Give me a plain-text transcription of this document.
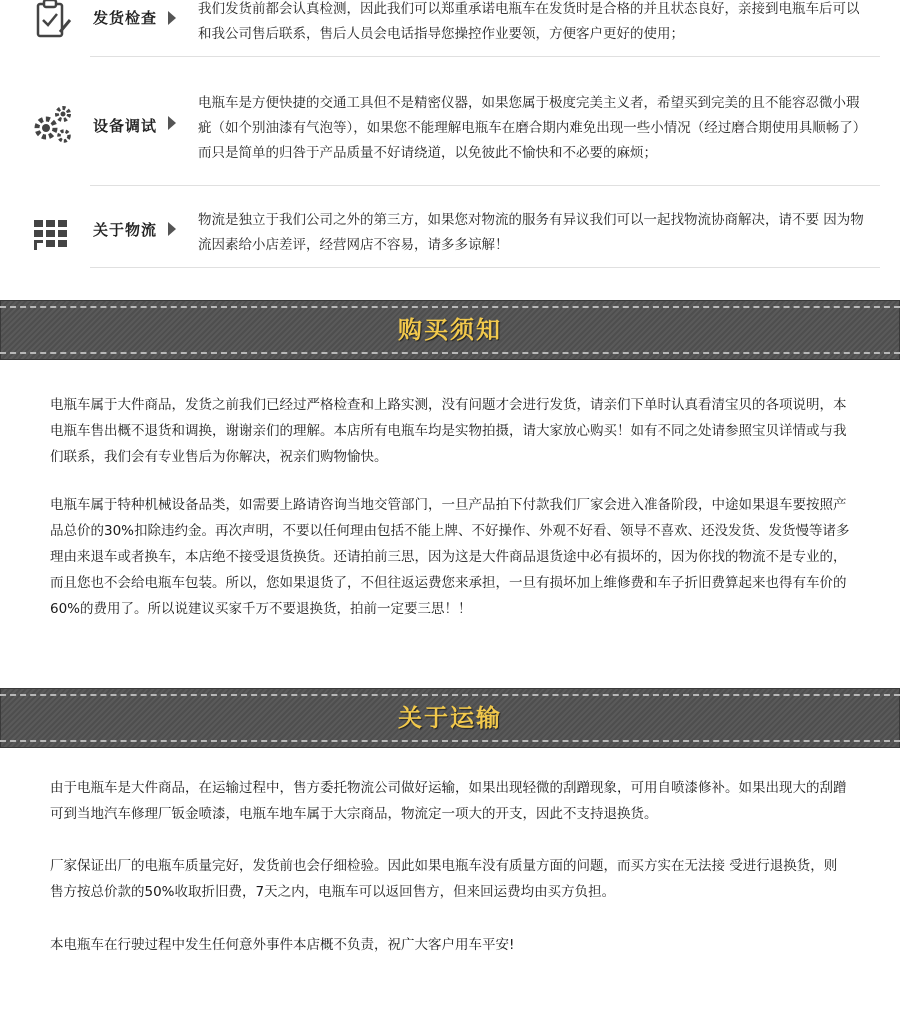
发货检查	我们发货前都会认真检测，因此我们可以郑重承诺电瓶车在发货时是合格的并且状态良好，亲接到电瓶车后可以和我公司售后联系，售后人员会电话指导您操控作业要领，方便客户更好的使用；
设备调试
电瓶车是方便快捷的交通工具但不是精密仪器，如果您属于极度完美主义者，希望买到完美的且不能容忍微小瑕疵（如个别油漆有气泡等），如果您不能理解电瓶车在磨合期内难免出现一些小情况（经过磨合期使用具顺畅了）而只是简单的归咎于产品质量不好请绕道，以免彼此不愉快和不必要的麻烦；
关于物流
物流是独立于我们公司之外的第三方，如果您对物流的服务有异议我们可以一起找物流协商解决，请不要 因为物流因素给小店差评，经营网店不容易，请多多谅解！
购买须知
电瓶车属于大件商品，发货之前我们已经过严格检查和上路实测，没有问题才会进行发货，请亲们下单时认真看清宝贝的各项说明，本电瓶车售出概不退货和调换，谢谢亲们的理解。本店所有电瓶车均是实物拍摄，请大家放心购买！如有不同之处请参照宝贝详情或与我们联系，我们会有专业售后为你解决，祝亲们购物愉快。
电瓶车属于特种机械设备品类，如需要上路请咨询当地交管部门，一旦产品拍下付款我们厂家会进入准备阶段，中途如果退车要按照产品总价的30%扣除违约金。再次声明，不要以任何理由包括不能上牌、不好操作、外观不好看、领导不喜欢、还没发货、发货慢等诸多理由来退车或者换车，本店绝不接受退货换货。还请拍前三思，因为这是大件商品退货途中必有损坏的，因为你找的物流不是专业的，而且您也不会给电瓶车包装。所以，您如果退货了，不但往返运费您来承担，一旦有损坏加上维修费和车子折旧费算起来也得有车价的60%的费用了。所以说建议买家千万不要退换货，拍前一定要三思！！
关于运输
由于电瓶车是大件商品，在运输过程中，售方委托物流公司做好运输，如果出现轻微的刮蹭现象，可用自喷漆修补。如果出现大的刮蹭可到当地汽车修理厂钣金喷漆，电瓶车地车属于大宗商品，物流定一项大的开支，因此不支持退换货。
厂家保证出厂的电瓶车质量完好，发货前也会仔细检验。因此如果电瓶车没有质量方面的问题，而买方实在无法接 受进行退换货，则售方按总价款的50%收取折旧费，7天之内，电瓶车可以返回售方，但来回运费均由买方负担。
本电瓶车在行驶过程中发生任何意外事件本店概不负责，祝广大客户用车平安!
